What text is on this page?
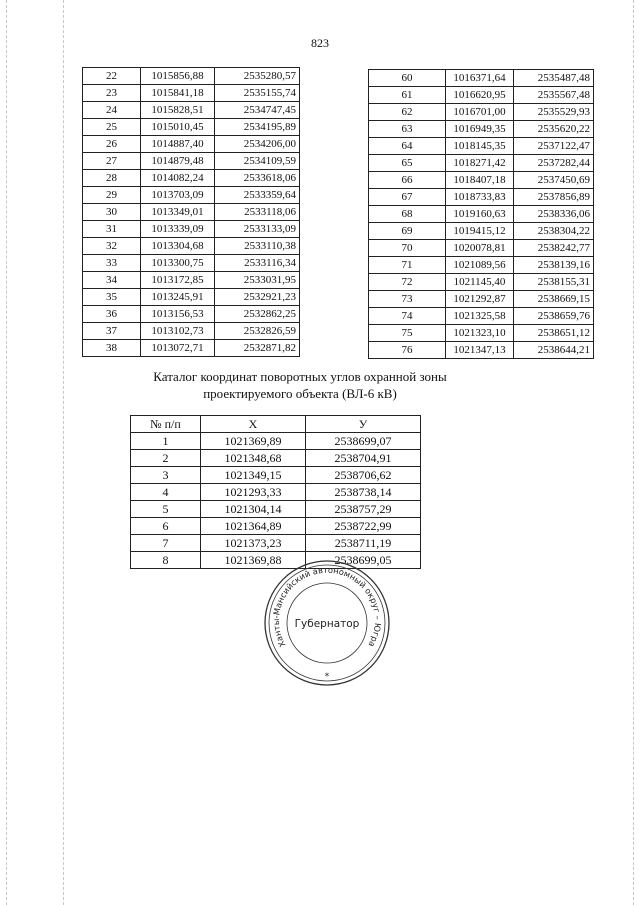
823
22	1015856,88	2535280,57
23	1015841,18	2535155,74
24	1015828,51	2534747,45
25	1015010,45	2534195,89
26	1014887,40	2534206,00
27	1014879,48	2534109,59
28	1014082,24	2533618,06
29	1013703,09	2533359,64
30	1013349,01	2533118,06
31	1013339,09	2533133,09
32	1013304,68	2533110,38
33	1013300,75	2533116,34
34	1013172,85	2533031,95
35	1013245,91	2532921,23
36	1013156,53	2532862,25
37	1013102,73	2532826,59
38	1013072,71	2532871,82
60	1016371,64	2535487,48
61	1016620,95	2535567,48
62	1016701,00	2535529,93
63	1016949,35	2535620,22
64	1018145,35	2537122,47
65	1018271,42	2537282,44
66	1018407,18	2537450,69
67	1018733,83	2537856,89
68	1019160,63	2538336,06
69	1019415,12	2538304,22
70	1020078,81	2538242,77
71	1021089,56	2538139,16
72	1021145,40	2538155,31
73	1021292,87	2538669,15
74	1021325,58	2538659,76
75	1021323,10	2538651,12
76	1021347,13	2538644,21
Каталог координат поворотных углов охранной зоны
проектируемого объекта (ВЛ-6 кВ)
№ п/п	X	У
1	1021369,89	2538699,07
2	1021348,68	2538704,91
3	1021349,15	2538706,62
4	1021293,33	2538738,14
5	1021304,14	2538757,29
6	1021364,89	2538722,99
7	1021373,23	2538711,19
8	1021369,88	2538699,05
Ханты-Мансийский автономный округ – Югра
Губернатор
*
